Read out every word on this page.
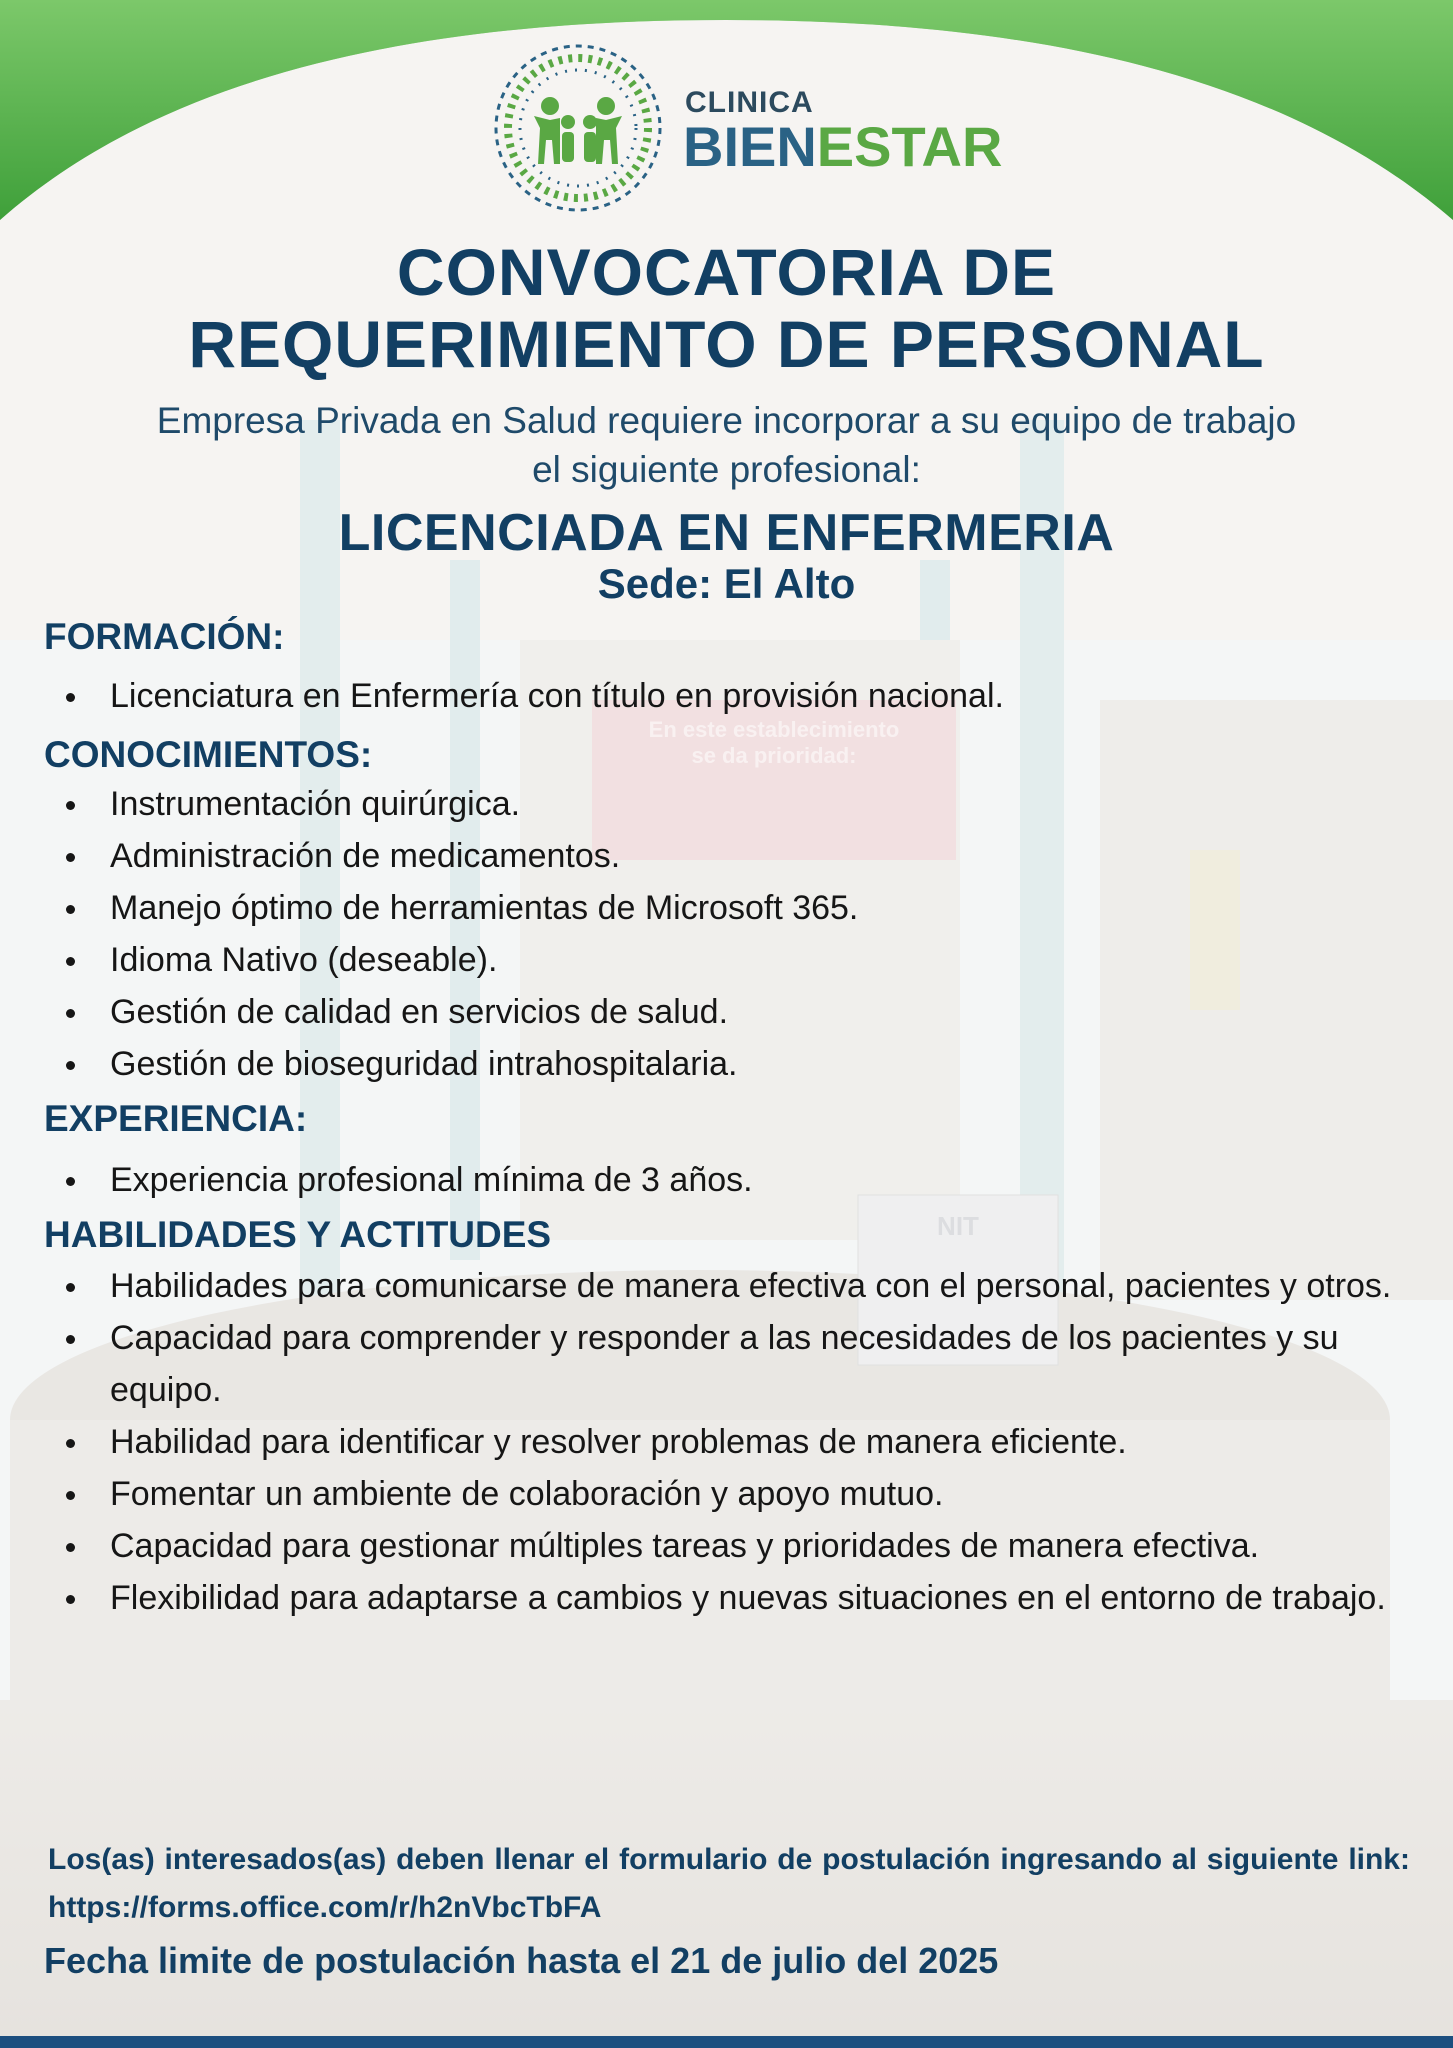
En este establecimiento
se da prioridad:
NIT
CLINICA
BIENESTAR
CONVOCATORIA DE
REQUERIMIENTO DE PERSONAL
Empresa Privada en Salud requiere incorporar a su equipo de trabajo
el siguiente profesional:
LICENCIADA EN ENFERMERIA
Sede: El Alto
FORMACIÓN:
Licenciatura en Enfermería con título en provisión nacional.
CONOCIMIENTOS:
Instrumentación quirúrgica.
Administración de medicamentos.
Manejo óptimo de herramientas de Microsoft 365.
Idioma Nativo (deseable).
Gestión de calidad en servicios de salud.
Gestión de bioseguridad intrahospitalaria.
EXPERIENCIA:
Experiencia profesional mínima de 3 años.
HABILIDADES Y ACTITUDES
Habilidades para comunicarse de manera efectiva con el personal, pacientes y otros.
Capacidad para comprender y responder a las necesidades de los pacientes y su equipo.
Habilidad para identificar y resolver problemas de manera eficiente.
Fomentar un ambiente de colaboración y apoyo mutuo.
Capacidad para gestionar múltiples tareas y prioridades de manera efectiva.
Flexibilidad para adaptarse a cambios y nuevas situaciones en el entorno de trabajo.
Los(as) interesados(as) deben llenar el formulario de postulación ingresando al siguiente link: https://forms.office.com/r/h2nVbcTbFA
Fecha limite de postulación hasta el 21 de julio del 2025
